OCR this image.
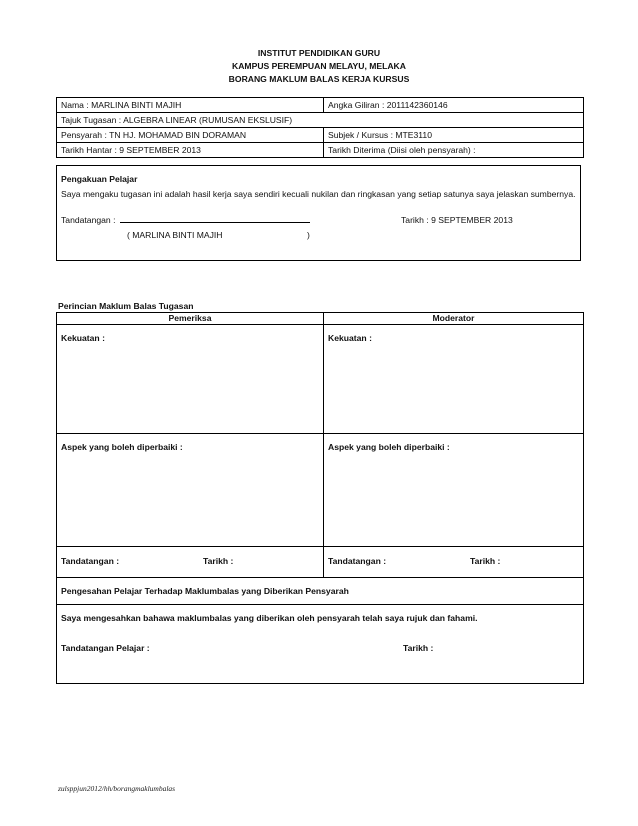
INSTITUT PENDIDIKAN GURU
KAMPUS PEREMPUAN MELAYU, MELAKA
BORANG MAKLUM BALAS KERJA KURSUS
Nama : MARLINA BINTI MAJIH	Angka Giliran : 2011142360146
Tajuk Tugasan : ALGEBRA LINEAR (RUMUSAN EKSLUSIF)	
Pensyarah : TN HJ. MOHAMAD BIN DORAMAN	Subjek / Kursus : MTE3110
Tarikh Hantar : 9 SEPTEMBER 2013	Tarikh Diterima (Diisi oleh pensyarah) :
Pengakuan Pelajar
Saya mengaku tugasan ini adalah hasil kerja saya sendiri kecuali nukilan dan ringkasan yang setiap satunya saya jelaskan sumbernya.
Tandatangan :	Tarikh : 9 SEPTEMBER 2013
( MARLINA BINTI MAJIH	)
Perincian Maklum Balas Tugasan
Pemeriksa	Moderator
Kekuatan :	Kekuatan :
Aspek yang boleh diperbaiki :	Aspek yang boleh diperbaiki :

Tandatangan : Tarikh :	Tandatangan : Tarikh :

Pengesahan Pelajar Terhadap Maklumbalas yang Diberikan Pensyarah	

Saya mengesahkan bahawa maklumbalas yang diberikan oleh pensyarah telah saya rujuk dan fahami.
Tandatangan Pelajar : Tarikh :	
zulsppjun2012/hh/borangmaklumbalas
